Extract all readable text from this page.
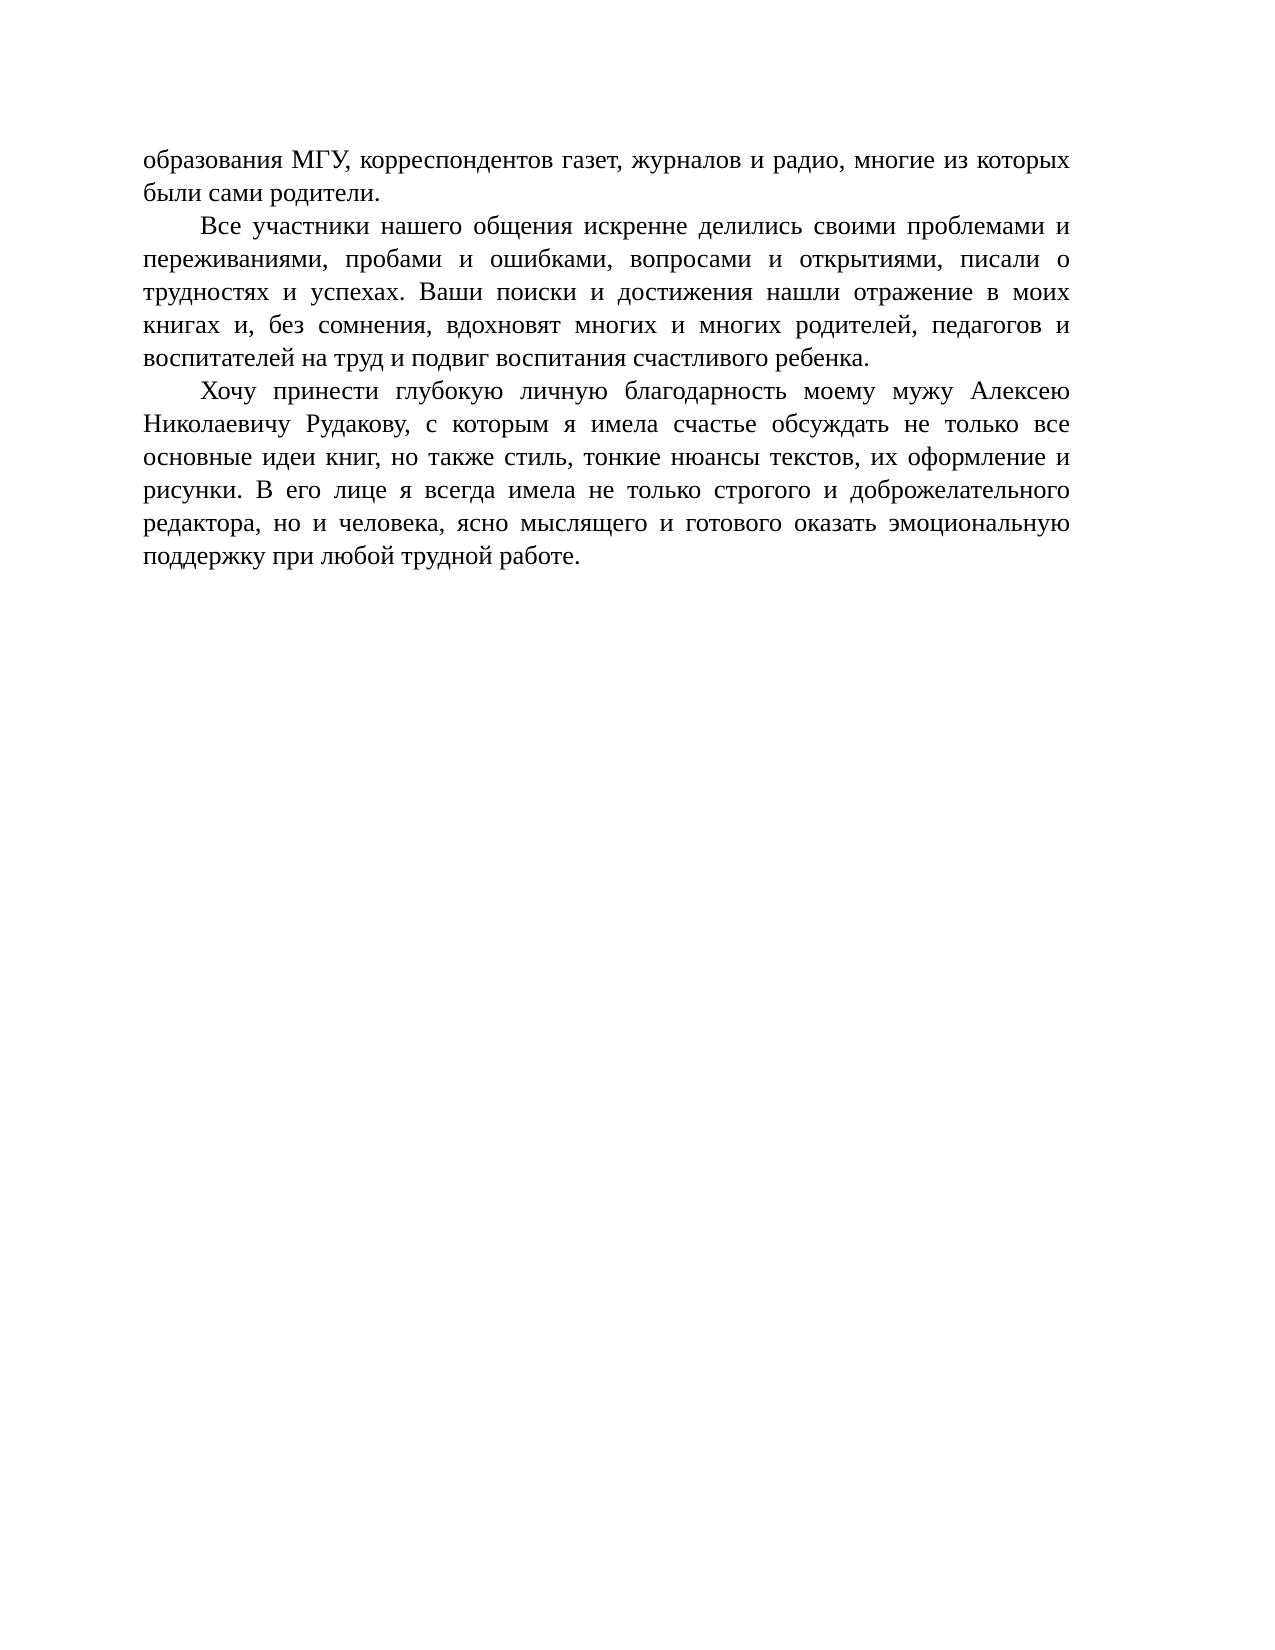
образования МГУ, корреспондентов газет, журналов и радио, многие из которых были сами родители.

Все участники нашего общения искренне делились своими проблемами и переживаниями, пробами и ошибками, вопросами и открытиями, писали о трудностях и успехах. Ваши поиски и достижения нашли отражение в моих книгах и, без сомнения, вдохновят многих и многих родителей, педагогов и воспитателей на труд и подвиг воспитания счастливого ребенка.

Хочу принести глубокую личную благодарность моему мужу Алексею Николаевичу Рудакову, с которым я имела счастье обсуждать не только все основные идеи книг, но также стиль, тонкие нюансы текстов, их оформление и рисунки. В его лице я всегда имела не только строгого и доброжелательного редактора, но и человека, ясно мыслящего и готового оказать эмоциональную поддержку при любой трудной работе.
